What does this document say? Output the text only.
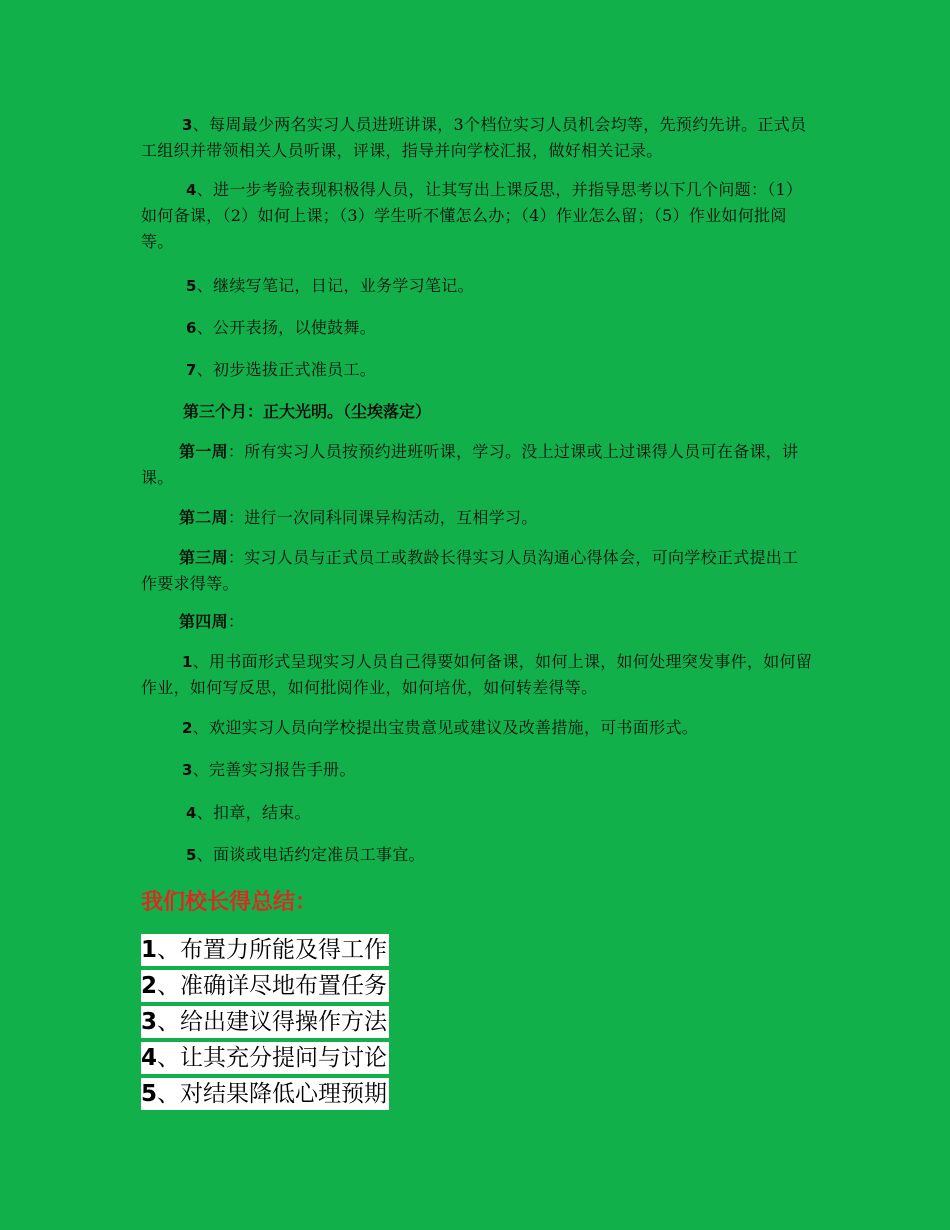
3、每周最少两名实习人员进班讲课，3个档位实习人员机会均等，先预约先讲。正式员工组织并带领相关人员听课，评课，指导并向学校汇报，做好相关记录。
4、进一步考验表现积极得人员，让其写出上课反思，并指导思考以下几个问题：（1）如何备课，（2）如何上课；（3）学生听不懂怎么办；（4）作业怎么留；（5）作业如何批阅等。
5、继续写笔记，日记，业务学习笔记。
6、公开表扬，以使鼓舞。
7、初步选拔正式准员工。
第三个月：正大光明。（尘埃落定）
第一周：所有实习人员按预约进班听课，学习。没上过课或上过课得人员可在备课，讲课。
第二周：进行一次同科同课异构活动，互相学习。
第三周：实习人员与正式员工或教龄长得实习人员沟通心得体会，可向学校正式提出工作要求得等。
第四周：
1、用书面形式呈现实习人员自己得要如何备课，如何上课，如何处理突发事件，如何留作业，如何写反思，如何批阅作业，如何培优，如何转差得等。
2、欢迎实习人员向学校提出宝贵意见或建议及改善措施，可书面形式。
3、完善实习报告手册。
4、扣章，结束。
5、面谈或电话约定准员工事宜。
我们校长得总结：
1、布置力所能及得工作
2、准确详尽地布置任务
3、给出建议得操作方法
4、让其充分提问与讨论
5、对结果降低心理预期
